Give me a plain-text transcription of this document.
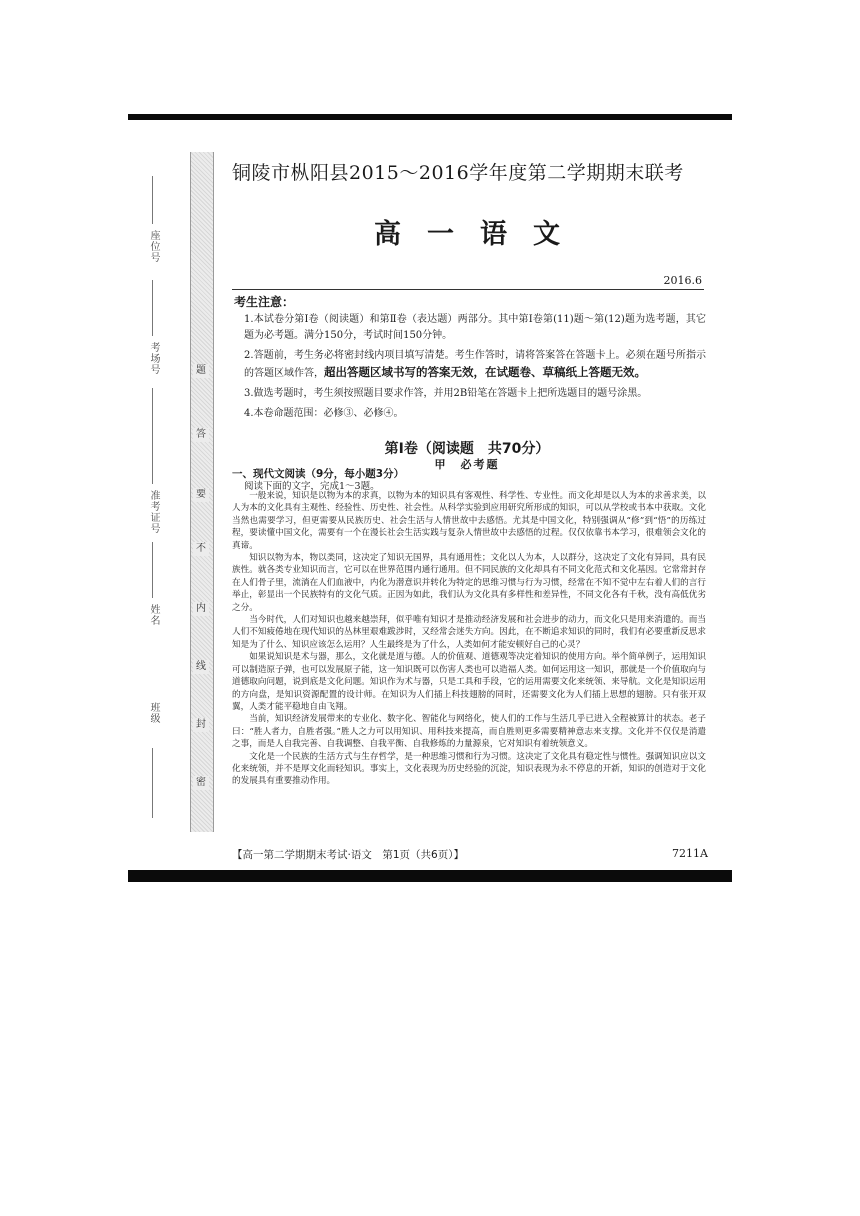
题
答
要
不
内
线
封
密
座位号
考场号
准考证号
姓名
班级
铜陵市枞阳县2015～2016学年度第二学期期末联考
高一语文
2016.6
考生注意：
1.本试卷分第Ⅰ卷（阅读题）和第Ⅱ卷（表达题）两部分。其中第Ⅰ卷第(11)题～第(12)题为选考题，其它题为必考题。满分150分，考试时间150分钟。
2.答题前，考生务必将密封线内项目填写清楚。考生作答时，请将答案答在答题卡上。必须在题号所指示的答题区域作答，超出答题区域书写的答案无效，在试题卷、草稿纸上答题无效。
3.做选考题时，考生须按照题目要求作答，并用2B铅笔在答题卡上把所选题目的题号涂黑。
4.本卷命题范围：必修③、必修④。
第Ⅰ卷（阅读题　共70分）
甲　必考题
一、现代文阅读（9分，每小题3分）
阅读下面的文字，完成1～3题。

一般来说，知识是以物为本的求真，以物为本的知识具有客观性、科学性、专业性。而文化却是以人为本的求善求美，以人为本的文化具有主观性、经验性、历史性、社会性。从科学实验到应用研究所形成的知识，可以从学校或书本中获取。文化当然也需要学习，但更需要从民族历史、社会生活与人情世故中去感悟。尤其是中国文化，特别强调从“修”到“悟”的历练过程，要读懂中国文化，需要有一个在漫长社会生活实践与复杂人情世故中去感悟的过程。仅仅依靠书本学习，很难领会文化的真谛。

知识以物为本，物以类同，这决定了知识无国界，具有通用性；文化以人为本，人以群分，这决定了文化有异同，具有民族性。就各类专业知识而言，它可以在世界范围内通行通用。但不同民族的文化却具有不同文化范式和文化基因。它常常封存在人们骨子里，流淌在人们血液中，内化为潜意识并转化为特定的思维习惯与行为习惯，经常在不知不觉中左右着人们的言行举止，彰显出一个民族特有的文化气质。正因为如此，我们认为文化具有多样性和差异性，不同文化各有千秋，没有高低优劣之分。

当今时代，人们对知识也越来越崇拜，似乎唯有知识才是推动经济发展和社会进步的动力，而文化只是用来消遣的。而当人们不知疲倦地在现代知识的丛林里艰难跋涉时，又经常会迷失方向。因此，在不断追求知识的同时，我们有必要重新反思求知是为了什么、知识应该怎么运用？人生最终是为了什么，人类如何才能安顿好自己的心灵？

如果说知识是术与器，那么，文化就是道与德。人的价值观、道德观等决定着知识的使用方向。举个简单例子，运用知识可以制造原子弹，也可以发展原子能，这一知识既可以伤害人类也可以造福人类。如何运用这一知识，那就是一个价值取向与道德取向问题，说到底是文化问题。知识作为术与器，只是工具和手段，它的运用需要文化来统领、来导航。文化是知识运用的方向盘，是知识资源配置的设计师。在知识为人们插上科技翅膀的同时，还需要文化为人们插上思想的翅膀。只有张开双翼，人类才能平稳地自由飞翔。

当前，知识经济发展带来的专业化、数字化、智能化与网络化，使人们的工作与生活几乎已进入全程被算计的状态。老子曰：“胜人者力，自胜者强。”胜人之力可以用知识、用科技来提高，而自胜则更多需要精神意志来支撑。文化并不仅仅是消遣之事，而是人自我完善、自我调整、自我平衡、自我修炼的力量源泉，它对知识有着统领意义。

文化是一个民族的生活方式与生存哲学，是一种思维习惯和行为习惯。这决定了文化具有稳定性与惯性。强调知识应以文化来统领，并不是厚文化而轻知识。事实上，文化表现为历史经验的沉淀，知识表现为永不停息的开新，知识的创造对于文化的发展具有重要推动作用。

【高一第二学期期末考试·语文　第1页（共6页）】	7211A
